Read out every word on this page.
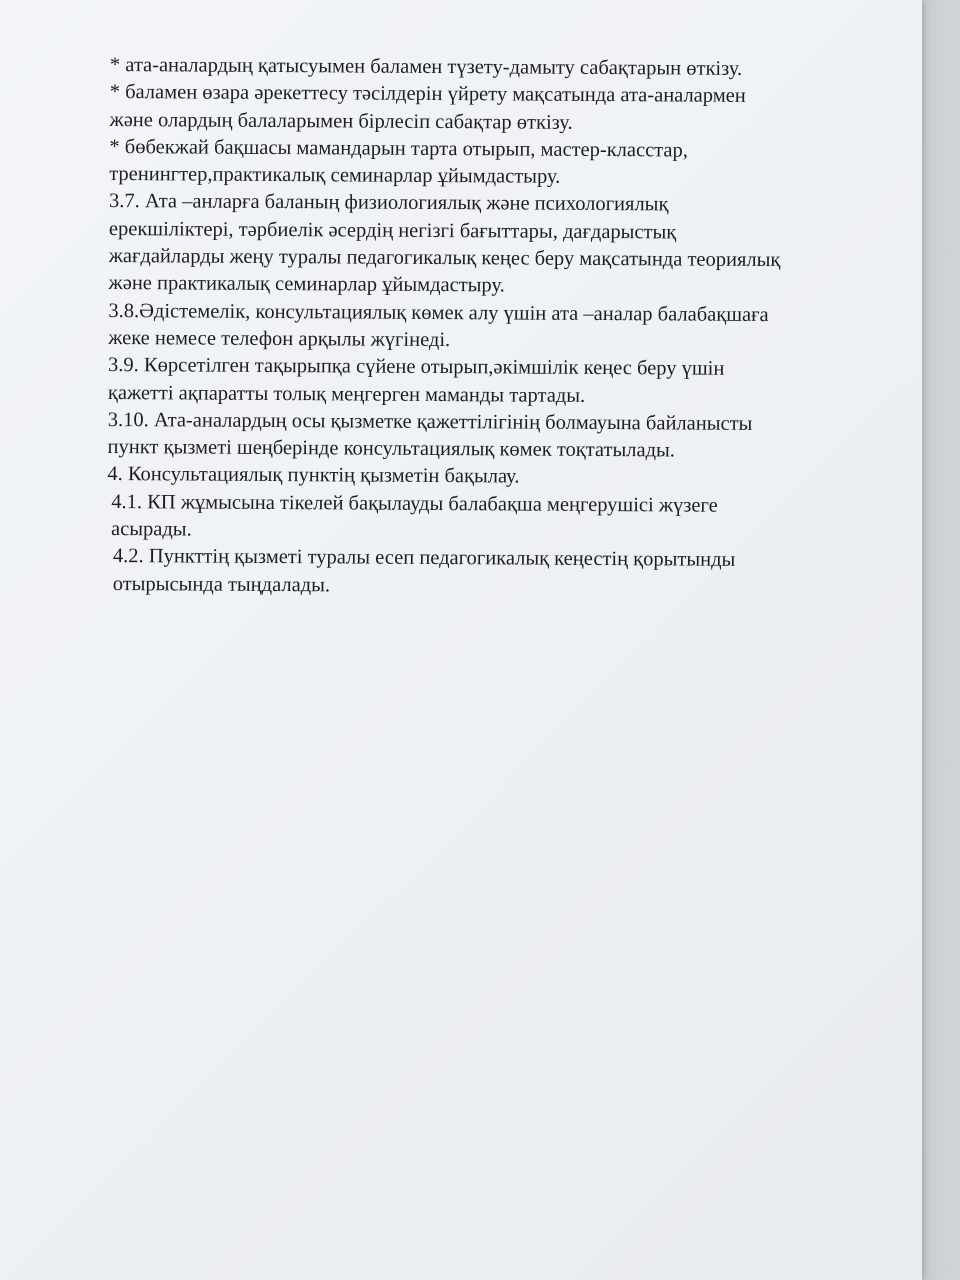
* ата-аналардың қатысуымен баламен түзету-дамыту сабақтарын өткізу.
* баламен өзара әрекеттесу тәсілдерін үйрету мақсатында ата-аналармен
және олардың балаларымен бірлесіп сабақтар өткізу.
* бөбекжай бақшасы мамандарын тарта отырып, мастер-класстар,
тренингтер,практикалық семинарлар ұйымдастыру.
3.7. Ата –анларға баланың физиологиялық және психологиялық
ерекшіліктері, тәрбиелік әсердің негізгі бағыттары, дағдарыстық
жағдайларды жеңу туралы педагогикалық кеңес беру мақсатында теориялық
және практикалық семинарлар ұйымдастыру.
3.8.Әдістемелік, консультациялық көмек алу үшін ата –аналар балабақшаға
жеке немесе телефон арқылы жүгінеді.
3.9. Көрсетілген тақырыпқа сүйене отырып,әкімшілік кеңес беру үшін
қажетті ақпаратты толық меңгерген маманды тартады.
3.10. Ата-аналардың осы қызметке қажеттілігінің болмауына байланысты
пункт қызметі шеңберінде консультациялық көмек тоқтатылады.
4. Консультациялық пунктің қызметін бақылау.
4.1. КП жұмысына тікелей бақылауды балабақша меңгерушісі жүзеге
асырады.
4.2. Пункттің қызметі туралы есеп педагогикалық кеңестің қорытынды
отырысында тыңдалады.
